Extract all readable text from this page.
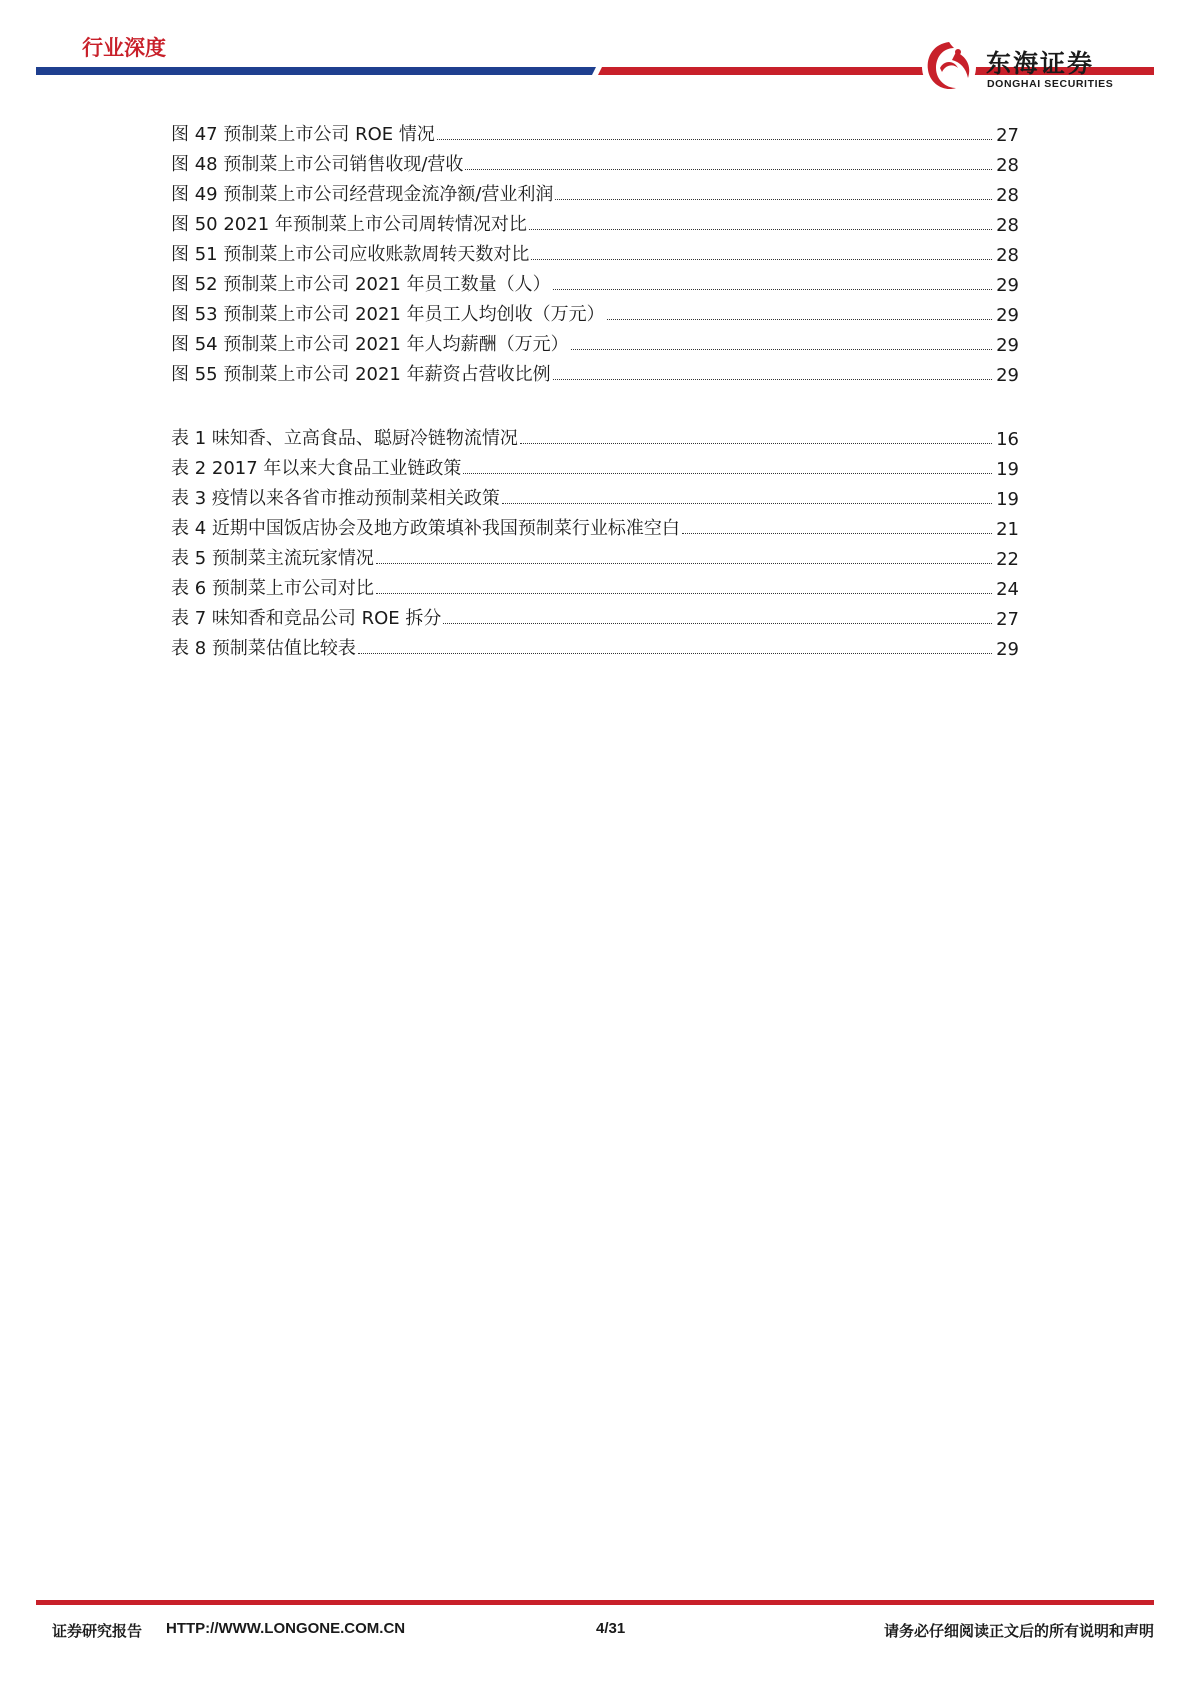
行业深度
东海证券
DONGHAI SECURITIES
图 47 预制菜上市公司 ROE 情况	27
图 48 预制菜上市公司销售收现/营收	28
图 49 预制菜上市公司经营现金流净额/营业利润	28
图 50 2021 年预制菜上市公司周转情况对比	28
图 51 预制菜上市公司应收账款周转天数对比	28
图 52 预制菜上市公司 2021 年员工数量（人）	29
图 53 预制菜上市公司 2021 年员工人均创收（万元）	29
图 54 预制菜上市公司 2021 年人均薪酬（万元）	29
图 55 预制菜上市公司 2021 年薪资占营收比例	29
表 1 味知香、立高食品、聪厨冷链物流情况	16
表 2 2017 年以来大食品工业链政策	19
表 3 疫情以来各省市推动预制菜相关政策	19
表 4 近期中国饭店协会及地方政策填补我国预制菜行业标准空白	21
表 5 预制菜主流玩家情况	22
表 6 预制菜上市公司对比	24
表 7 味知香和竞品公司 ROE 拆分	27
表 8 预制菜估值比较表	29
证券研究报告 HTTP://WWW.LONGONE.COM.CN	4/31	请务必仔细阅读正文后的所有说明和声明
